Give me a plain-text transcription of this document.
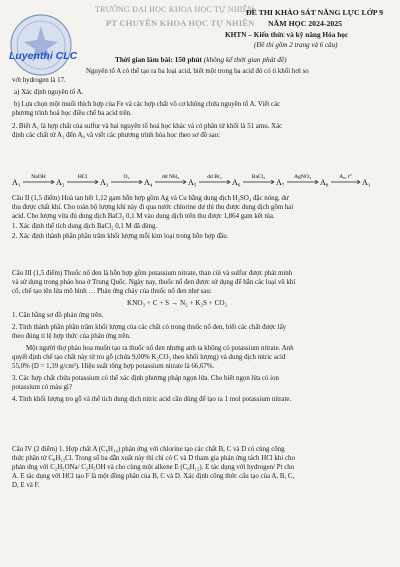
TRƯỜNG ĐẠI HỌC KHOA HỌC TỰ NHIÊN
PT CHUYÊN KHOA HỌC TỰ NHIÊN
Luyenthi CLC
ĐỀ THI KHẢO SÁT NĂNG LỰC LỚP 9
NĂM HỌC 2024-2025
KHTN – Kiến thức và kỹ năng Hóa học
(Đề thi gồm 2 trang và 6 câu)
Thời gian làm bài: 150 phút (không kể thời gian phát đề)
Nguyên tố A có thể tạo ra ba loại acid, biết một trong ba acid đó có tỉ khối hơi so
với hydrogen là 17.
a) Xác định nguyên tố A.
b) Lựa chọn một muối thích hợp của Fe và các hợp chất vô cơ không chứa nguyên tố A. Viết các
phương trình hoá học điều chế ba acid trên.
2. Biết A₁ là hợp chất của sulfur và hai nguyên tố hoá học khác và có phân tử khối là 51 amu. Xác
định các chất từ A₁ đến A₈ và viết các phương trình hóa học theo sơ đồ sau:
A₁	A₂	A₃	A₄	A₅	A₆	A₇	A₈	A₁
NaOH	HCl	O₂	dd NH₃	dd Br₂	BaCl₂	AgNO₃	A₀, t°
Câu II (1,5 điểm) Hoà tan hết 1,12 gam hỗn hợp gồm Ag và Cu bằng dung dịch H₂SO₄ đặc nóng, dư
thu được chất khí. Cho toàn bộ lượng khí này đi qua nước chlorine dư thì thu được dung dịch gồm hai
acid. Cho lượng vừa đủ dung dịch BaCl₂ 0,1 M vào dung dịch trên thu được 1,864 gam kết tủa.
1. Xác định thể tích dung dịch BaCl₂ 0,1 M đã dùng.
2. Xác định thành phần phần trăm khối lượng mỗi kim loại trong hỗn hợp đầu.
Câu III (1,5 điểm) Thuốc nổ đen là hỗn hợp gồm potassium nitrate, than củi và sulfur được phát minh
và sử dụng trong pháo hoa ở Trung Quốc. Ngày nay, thuốc nổ đen được sử dụng để bắn các loại vũ khí
cổ, chế tạo tên lửa mô hình … Phản ứng cháy của thuốc nổ đen như sau:
KNO₃ + C + S → N₂ + K₂S + CO₂
1. Cân bằng sơ đồ phản ứng trên.
2. Tính thành phần phần trăm khối lượng của các chất có trong thuốc nổ đen, biết các chất được lấy
theo đúng tỉ lệ hợp thức của phản ứng trên.
Một người thợ pháo hoa muốn tạo ra thuốc nổ đen nhưng anh ta không có potassium nitrate. Anh
quyết định chế tạo chất này từ tro gỗ (chứa 9,00% K₂CO₃ theo khối lượng) và dung dịch nitric acid
55,0% (D = 1,39 g/cm³). Hiệu suất tổng hợp potassium nitrate là 66,67%.
3. Các hợp chất chứa potassium có thể xác định phương pháp ngọn lửa. Cho biết ngọn lửa có ion
potassium có màu gì?
4. Tính khối lượng tro gỗ và thể tích dung dịch nitric acid cần dùng để tạo ra 1 mol potassium nitrate.
Câu IV (2 điểm) 1. Hợp chất A (C₆H₁₄) phản ứng với chlorine tạo các chất B, C và D có cùng công
thức phân tử C₆H₁₃Cl. Trong số ba dẫn xuất này thì chỉ có C và D tham gia phản ứng tách HCl khi cho
phản ứng với C₂H₅ONa/ C₂H₅OH và cho cùng một alkene E (C₆H₁₂). E tác dụng với hydrogen/ Pt cho
A. E tác dụng với HCl tạo F là một đồng phân của B, C và D. Xác định công thức cấu tạo của A, B, C,
D, E và F.
